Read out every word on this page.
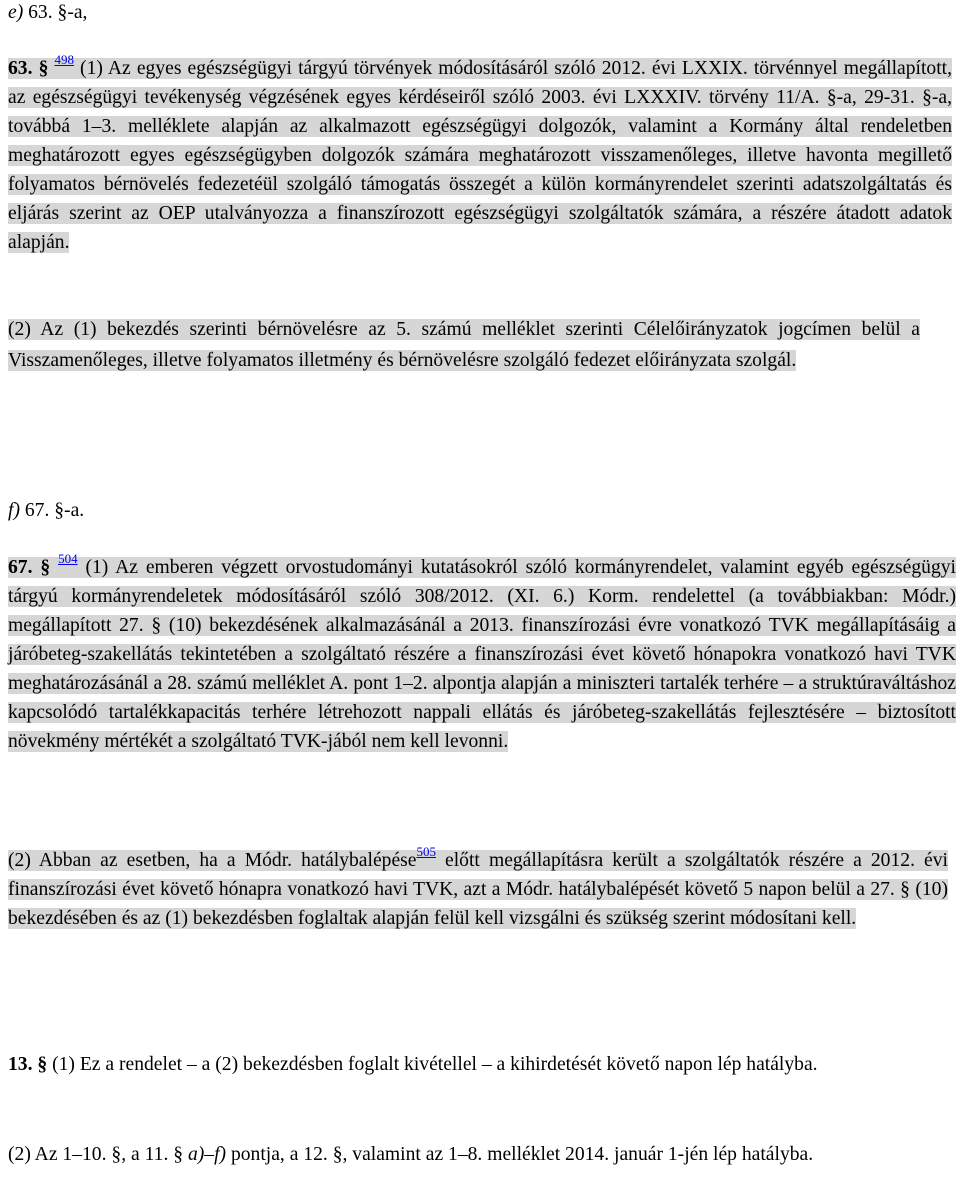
e) 63. §-a,

63. § $^{498}$ (1) Az egyes egészségügyi tárgyú törvények módosításáról szóló 2012. évi LXXIX. törvénnyel megállapított, az egészségügyi tevékenység végzésének egyes kérdéseiről szóló 2003. évi LXXXIV. törvény 11/A. §-a, 29-31. §-a, továbbá 1–3. melléklete alapján az alkalmazott egészségügyi dolgozók, valamint a Kormány által rendeletben meghatározott egyes egészségügyben dolgozók számára meghatározott visszamenőleges, illetve havonta megillető folyamatos bérnövelés fedezetéül szolgáló támogatás összegét a külön kormányrendelet szerinti adatszolgáltatás és eljárás szerint az OEP utalványozza a finanszírozott egészségügyi szolgáltatók számára, a részére átadott adatok alapján.

(2) Az (1) bekezdés szerinti bérnövelésre az 5. számú melléklet szerinti Célelőirányzatok jogcímen belül a Visszamenőleges, illetve folyamatos illetmény és bérnövelésre szolgáló fedezet előirányzata szolgál.

f) 67. §-a.

67. § $^{504}$ (1) Az emberen végzett orvostudományi kutatásokról szóló kormányrendelet, valamint egyéb egészségügyi tárgyú kormányrendeletek módosításáról szóló 308/2012. (XI. 6.) Korm. rendelettel (a továbbiakban: Módr.) megállapított 27. § (10) bekezdésének alkalmazásánál a 2013. finanszírozási évre vonatkozó TVK megállapításáig a járóbeteg-szakellátás tekintetében a szolgáltató részére a finanszírozási évet követő hónapokra vonatkozó havi TVK meghatározásánál a 28. számú melléklet A. pont 1–2. alpontja alapján a miniszteri tartalék terhére – a struktúraváltáshoz kapcsolódó tartalékkapacitás terhére létrehozott nappali ellátás és járóbeteg-szakellátás fejlesztésére – biztosított növekmény mértékét a szolgáltató TVK-jából nem kell levonni.

(2) Abban az esetben, ha a Módr. hatálybalépése$^{505}$ előtt megállapításra került a szolgáltatók részére a 2012. évi finanszírozási évet követő hónapra vonatkozó havi TVK, azt a Módr. hatálybalépését követő 5 napon belül a 27. § (10) bekezdésében és az (1) bekezdésben foglaltak alapján felül kell vizsgálni és szükség szerint módosítani kell.

13. § (1) Ez a rendelet – a (2) bekezdésben foglalt kivétellel – a kihirdetését követő napon lép hatályba.

(2) Az 1–10. §, a 11. § a)–f) pontja, a 12. §, valamint az 1–8. melléklet 2014. január 1-jén lép hatályba.
